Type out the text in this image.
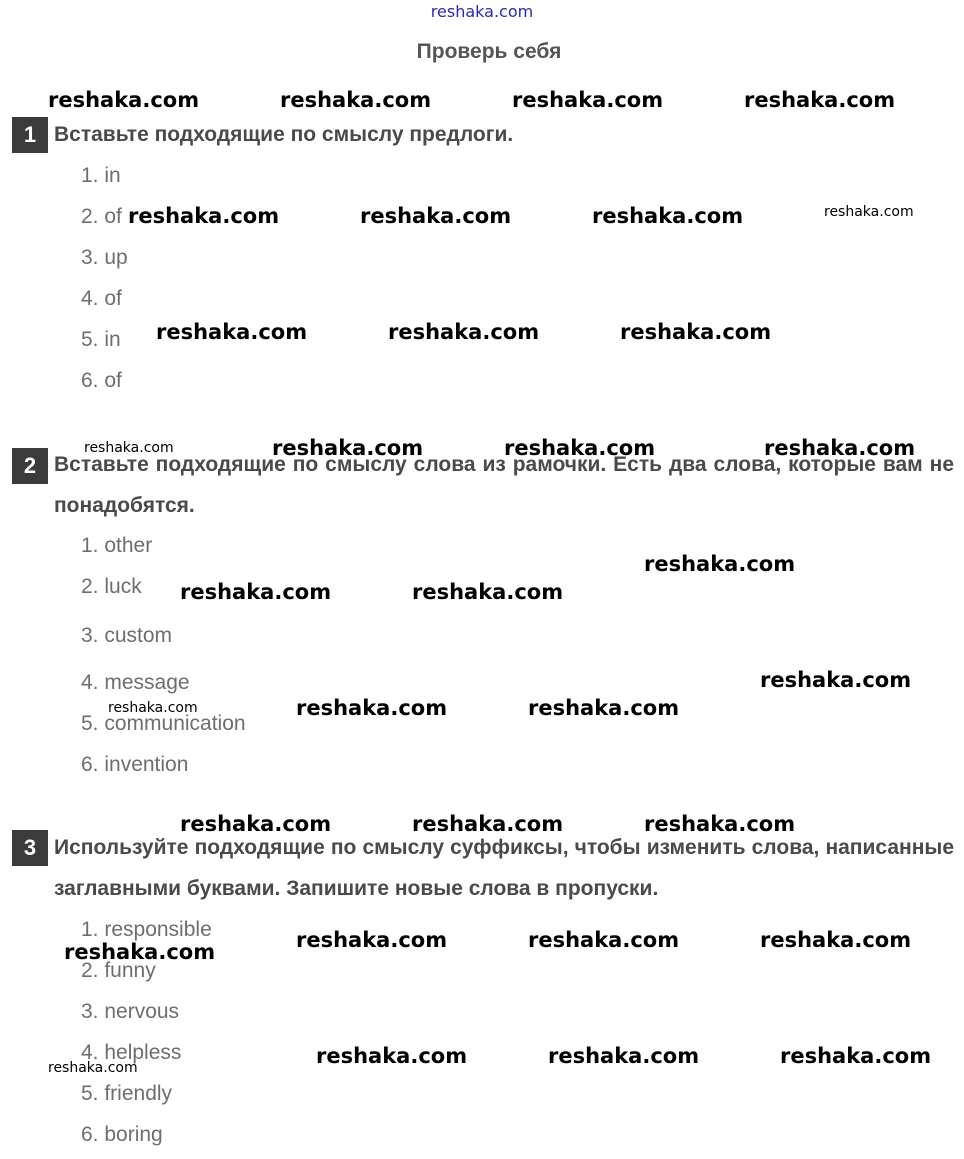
reshaka.com
Проверь себя
1 Вставьте подходящие по смыслу предлоги.
1. in
2. of
3. up
4. of
5. in
6. of
2 Вставьте подходящие по смыслу слова из рамочки. Есть два слова, которые вам не понадобятся.
1. other
2. luck
3. custom
4. message
5. communication
6. invention
3 Используйте подходящие по смыслу суффиксы, чтобы изменить слова, написанные заглавными буквами. Запишите новые слова в пропуски.
1. responsible
2. funny
3. nervous
4. helpless
5. friendly
6. boring
reshaka.com	reshaka.com	reshaka.com	reshaka.com
reshaka.com	reshaka.com	reshaka.com	reshaka.com
reshaka.com	reshaka.com	reshaka.com
reshaka.com	reshaka.com	reshaka.com	reshaka.com
reshaka.com
reshaka.com	reshaka.com
reshaka.com
reshaka.com	reshaka.com	reshaka.com
reshaka.com	reshaka.com	reshaka.com
reshaka.com	reshaka.com	reshaka.com	reshaka.com
reshaka.com	reshaka.com	reshaka.com	reshaka.com
